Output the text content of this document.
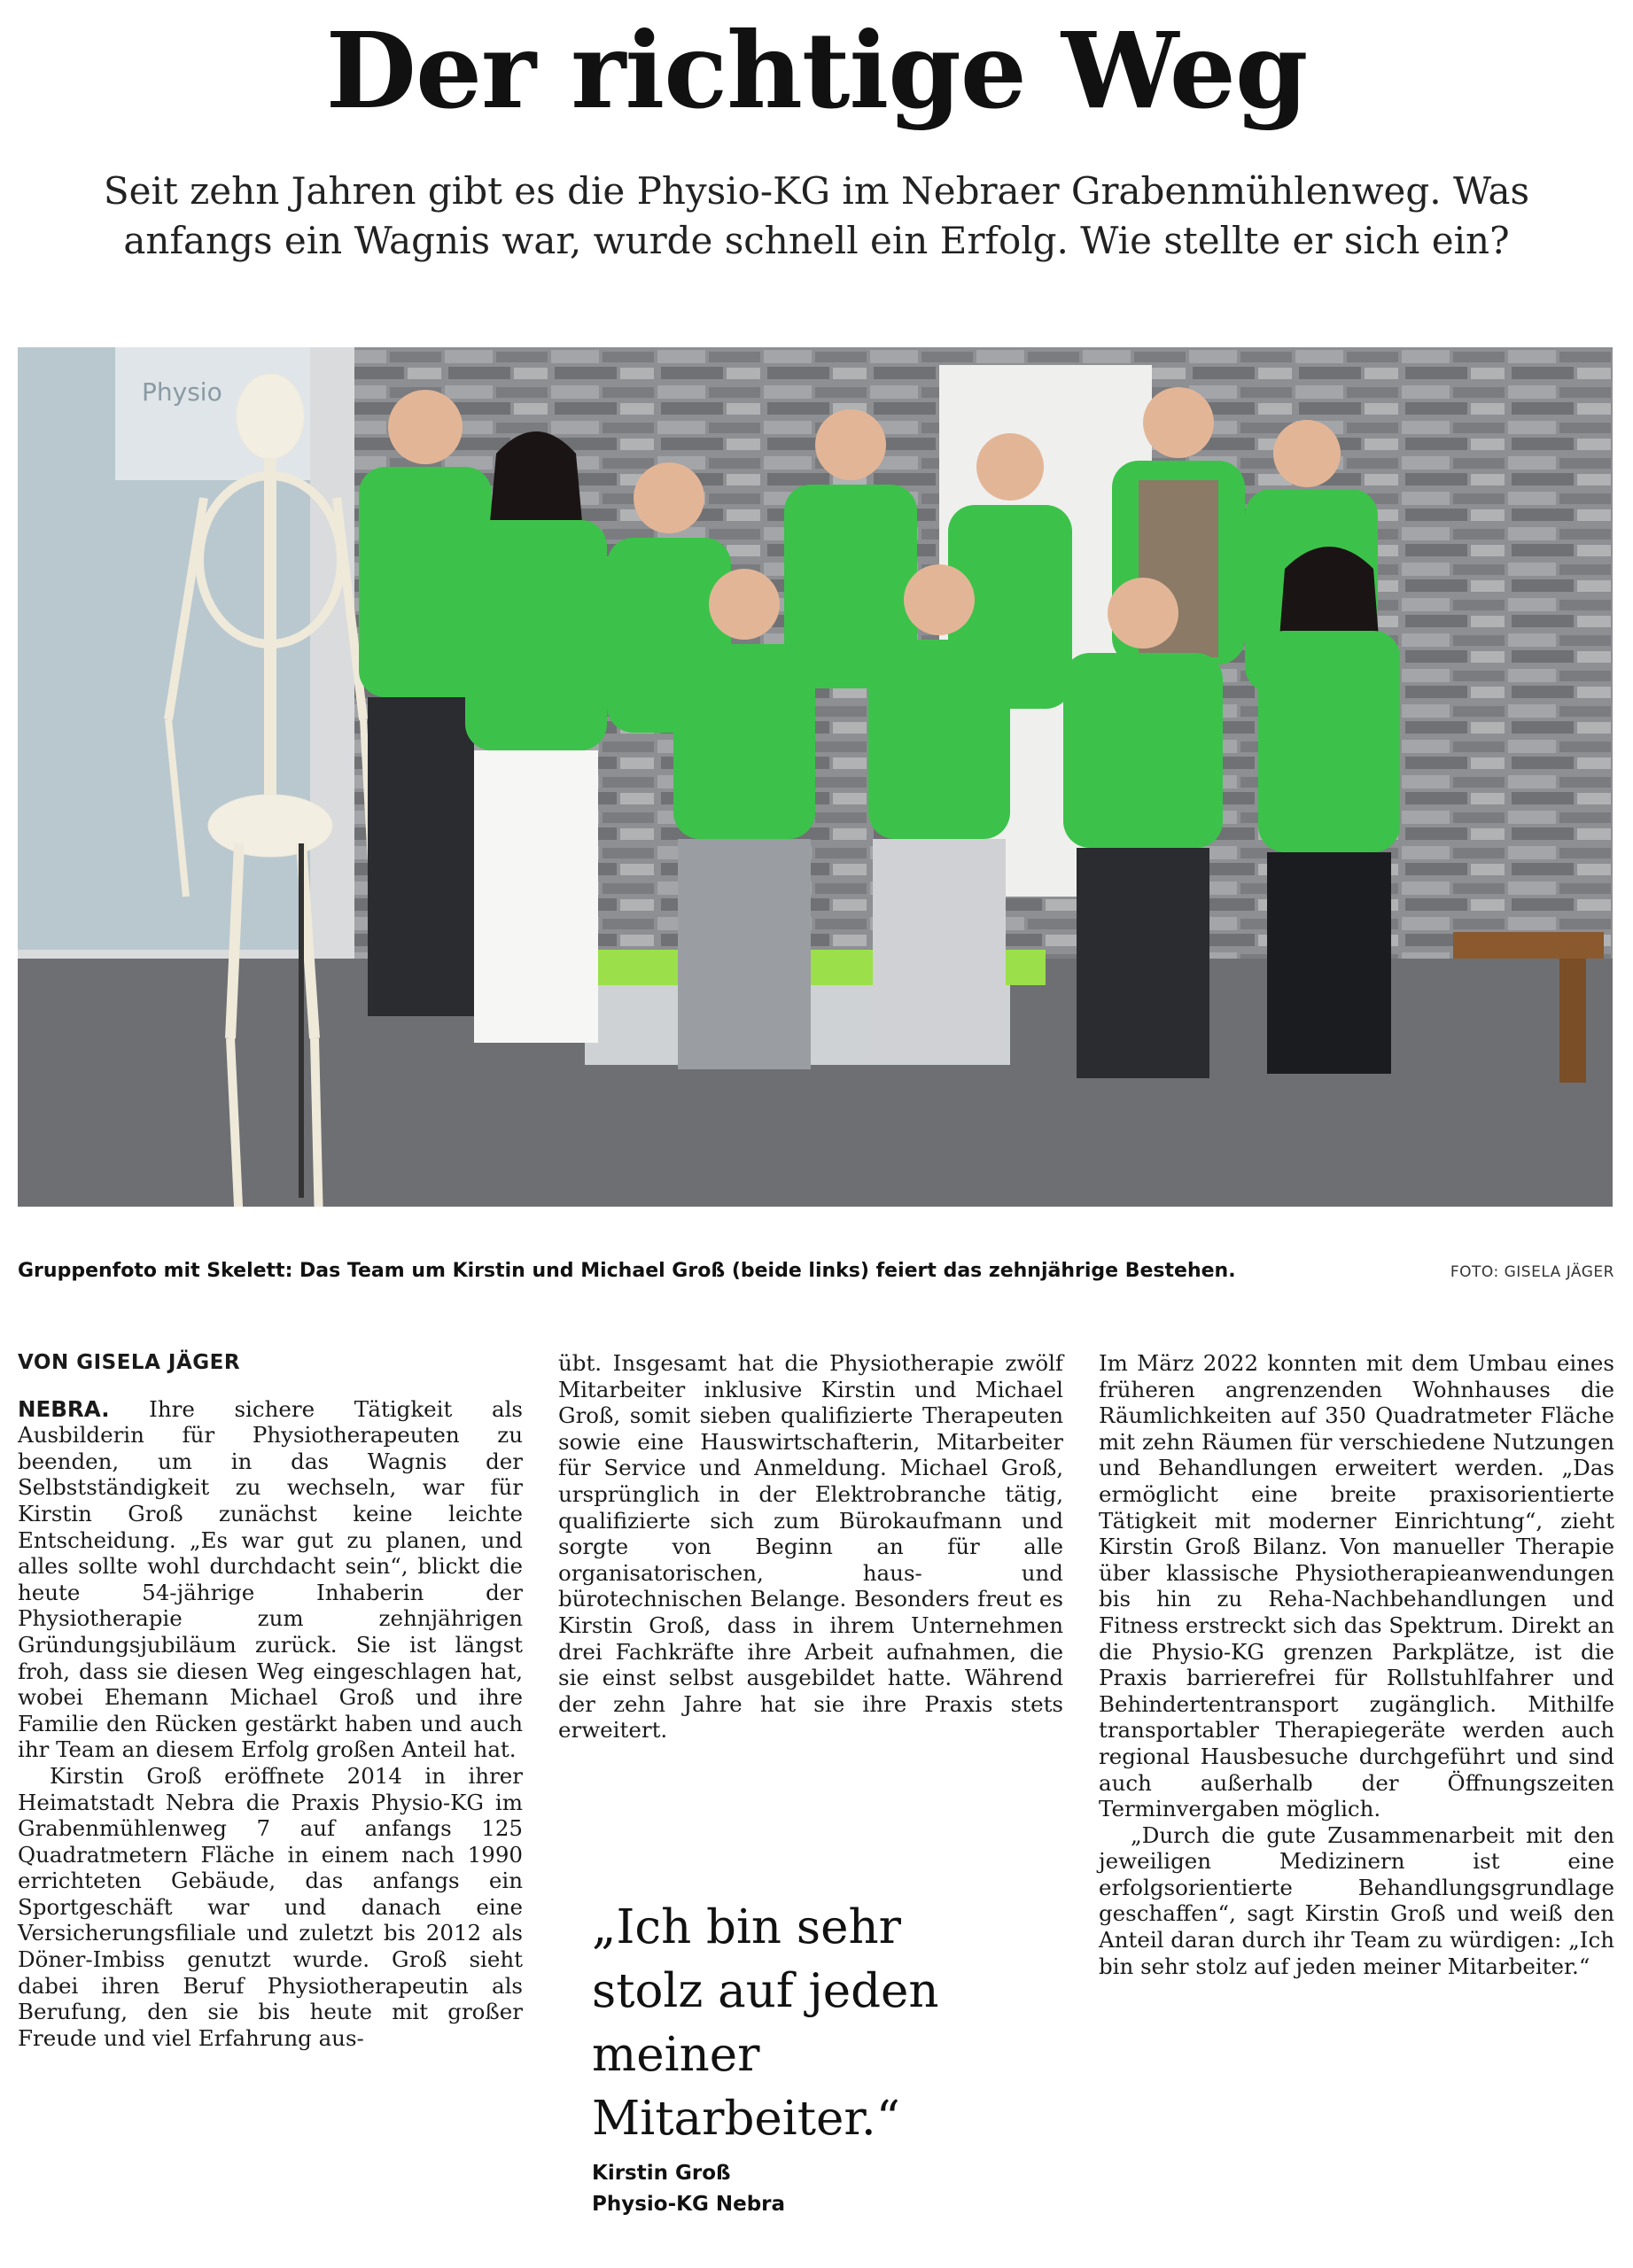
Der richtige Weg

Seit zehn Jahren gibt es die Physio-KG im Nebraer Grabenmühlenweg. Was anfangs ein Wagnis war, wurde schnell ein Erfolg. Wie stellte er sich ein?

Physio
Gruppenfoto mit Skelett: Das Team um Kirstin und Michael Groß (beide links) feiert das zehnjährige Bestehen.	FOTO: GISELA JÄGER
VON GISELA JÄGER

NEBRA. Ihre sichere Tätigkeit als Ausbilderin für Physiotherapeuten zu beenden, um in das Wagnis der Selbstständigkeit zu wechseln, war für Kirstin Groß zunächst keine leichte Entscheidung. „Es war gut zu planen, und alles sollte wohl durchdacht sein“, blickt die heute 54-jährige Inhaberin der Physiotherapie zum zehnjährigen Gründungsjubiläum zurück. Sie ist längst froh, dass sie diesen Weg eingeschlagen hat, wobei Ehemann Michael Groß und ihre Familie den Rücken gestärkt haben und auch ihr Team an diesem Erfolg großen Anteil hat.

Kirstin Groß eröffnete 2014 in ihrer Heimatstadt Nebra die Praxis Physio-KG im Grabenmühlenweg 7 auf anfangs 125 Quadratmetern Fläche in einem nach 1990 errichteten Gebäude, das anfangs ein Sportgeschäft war und danach eine Versicherungsfiliale und zuletzt bis 2012 als Döner-Imbiss genutzt wurde. Groß sieht dabei ihren Beruf Physiotherapeutin als Berufung, den sie bis heute mit großer Freude und viel Erfahrung aus-

übt. Insgesamt hat die Physiotherapie zwölf Mitarbeiter inklusive Kirstin und Michael Groß, somit sieben qualifizierte Therapeuten sowie eine Hauswirtschafterin, Mitarbeiter für Service und Anmeldung. Michael Groß, ursprünglich in der Elektrobranche tätig, qualifizierte sich zum Bürokaufmann und sorgte von Beginn an für alle organisatorischen, haus- und bürotechnischen Belange. Besonders freut es Kirstin Groß, dass in ihrem Unternehmen drei Fachkräfte ihre Arbeit aufnahmen, die sie einst selbst ausgebildet hatte. Während der zehn Jahre hat sie ihre Praxis stets erweitert.

„Ich bin sehr stolz auf jeden meiner Mitarbeiter.“
Kirstin Groß
Physio-KG Nebra

Im März 2022 konnten mit dem Umbau eines früheren angrenzenden Wohnhauses die Räumlichkeiten auf 350 Quadratmeter Fläche mit zehn Räumen für verschiedene Nutzungen und Behandlungen erweitert werden. „Das ermöglicht eine breite praxisorientierte Tätigkeit mit moderner Einrichtung“, zieht Kirstin Groß Bilanz. Von manueller Therapie über klassische Physiotherapieanwendungen bis hin zu Reha-Nachbehandlungen und Fitness erstreckt sich das Spektrum. Direkt an die Physio-KG grenzen Parkplätze, ist die Praxis barrierefrei für Rollstuhlfahrer und Behindertentransport zugänglich. Mithilfe transportabler Therapiegeräte werden auch regional Hausbesuche durchgeführt und sind auch außerhalb der Öffnungszeiten Terminvergaben möglich.

„Durch die gute Zusammenarbeit mit den jeweiligen Medizinern ist eine erfolgsorientierte Behandlungsgrundlage geschaffen“, sagt Kirstin Groß und weiß den Anteil daran durch ihr Team zu würdigen: „Ich bin sehr stolz auf jeden meiner Mitarbeiter.“
